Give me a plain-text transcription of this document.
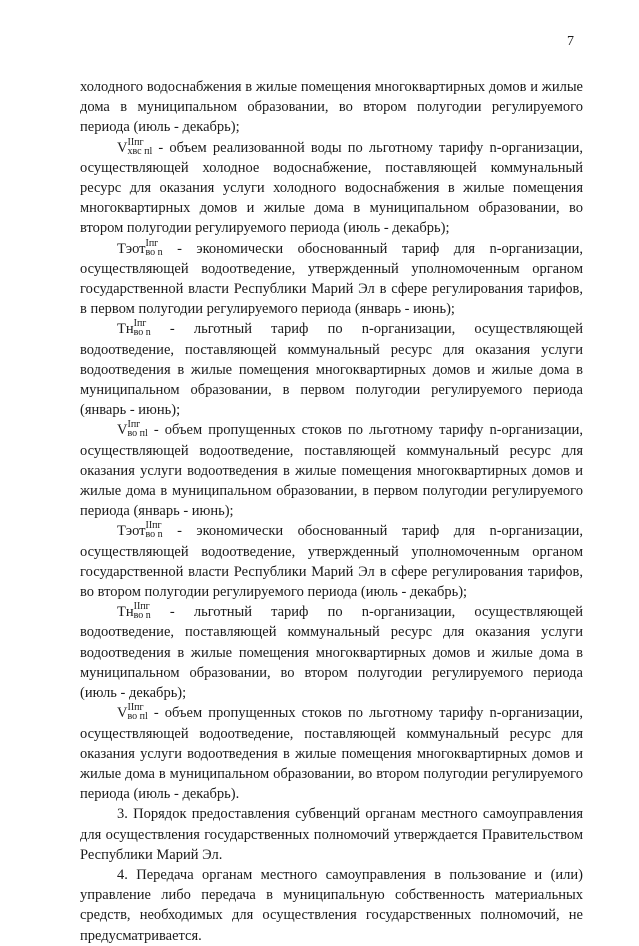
7

холодного водоснабжения в жилые помещения многоквартирных домов и жилые дома в муниципальном образовании, во втором полугодии регулируемого периода (июль - декабрь);

V IIпг
хвс пl - объем реализованной воды по льготному тарифу n-организации, осуществляющей холодное водоснабжение, поставляющей коммунальный ресурс для оказания услуги холодного водоснабжения в жилые помещения многоквартирных домов и жилые дома в муниципальном образовании, во втором полугодии регулируемого периода (июль - декабрь);

Тэот Iпг
во n - экономически обоснованный тариф для n-организации, осуществляющей водоотведение, утвержденный уполномоченным органом государственной власти Республики Марий Эл в сфере регулирования тарифов, в первом полугодии регулируемого периода (январь - июнь);

Тн Iпг
во n - льготный тариф по n-организации, осуществляющей водоотведение, поставляющей коммунальный ресурс для оказания услуги водоотведения в жилые помещения многоквартирных домов и жилые дома в муниципальном образовании, в первом полугодии регулируемого периода (январь - июнь);

V Iпг
во пl - объем пропущенных стоков по льготному тарифу n-организации, осуществляющей водоотведение, поставляющей коммунальный ресурс для оказания услуги водоотведения в жилые помещения многоквартирных домов и жилые дома в муниципальном образовании, в первом полугодии регулируемого периода (январь - июнь);

Тэот IIпг
во n - экономически обоснованный тариф для n-организации, осуществляющей водоотведение, утвержденный уполномоченным органом государственной власти Республики Марий Эл в сфере регулирования тарифов, во втором полугодии регулируемого периода (июль - декабрь);

Тн IIпг
во n - льготный тариф по n-организации, осуществляющей водоотведение, поставляющей коммунальный ресурс для оказания услуги водоотведения в жилые помещения многоквартирных домов и жилые дома в муниципальном образовании, во втором полугодии регулируемого периода (июль - декабрь);

V IIпг
во пl - объем пропущенных стоков по льготному тарифу n-организации, осуществляющей водоотведение, поставляющей коммунальный ресурс для оказания услуги водоотведения в жилые помещения многоквартирных домов и жилые дома в муниципальном образовании, во втором полугодии регулируемого периода (июль - декабрь).

3. Порядок предоставления субвенций органам местного самоуправления для осуществления государственных полномочий утверждается Правительством Республики Марий Эл.

4. Передача органам местного самоуправления в пользование и (или) управление либо передача в муниципальную собственность материальных средств, необходимых для осуществления государственных полномочий, не предусматривается.
